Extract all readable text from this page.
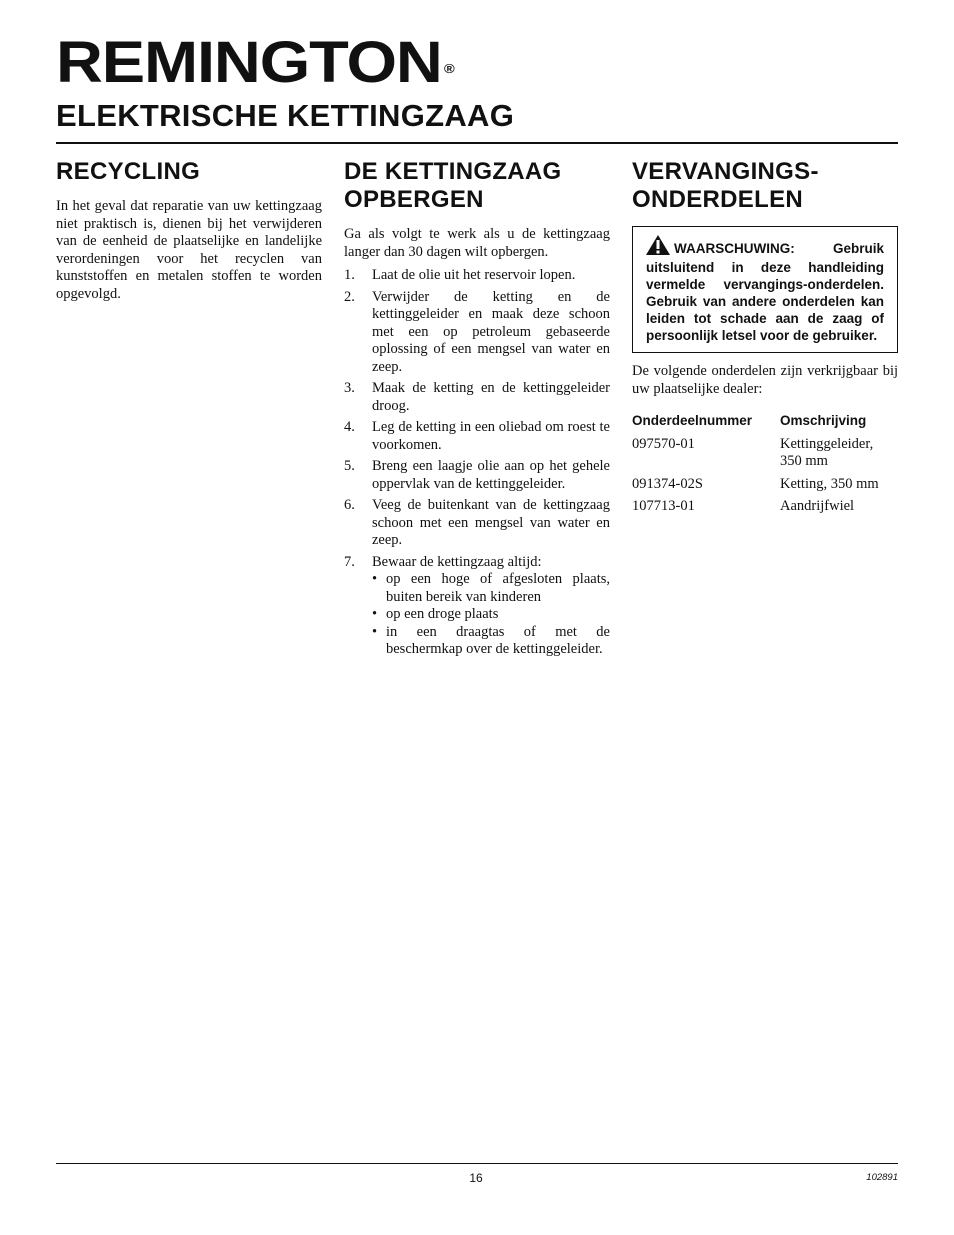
REMINGTON ®
ELEKTRISCHE KETTINGZAAG
RECYCLING

In het geval dat reparatie van uw kettingzaag niet praktisch is, dienen bij het verwijderen van de eenheid de plaatselijke en landelijke verordeningen voor het recyclen van kunststoffen en metalen stoffen te worden opgevolgd.

DE KETTINGZAAG OPBERGEN

Ga als volgt te werk als u de kettingzaag langer dan 30 dagen wilt opbergen.

1.	Laat de olie uit het reservoir lopen.
2.	Verwijder de ketting en de kettinggeleider en maak deze schoon met een op petroleum gebaseerde oplossing of een mengsel van water en zeep.
3.	Maak de ketting en de kettinggeleider droog.
4.	Leg de ketting in een oliebad om roest te voorkomen.
5.	Breng een laagje olie aan op het gehele oppervlak van de kettinggeleider.
6.	Veeg de buitenkant van de kettingzaag schoon met een mengsel van water en zeep.
7.	Bewaar de kettingzaag altijd:
• op een hoge of afgesloten plaats, buiten bereik van kinderen
• op een droge plaats
• in een draagtas of met de beschermkap over de kettinggeleider.
VERVANGINGS-
ONDERDELEN
WAARSCHUWING: Gebruik uitsluitend in deze handleiding vermelde vervangings-onderdelen. Gebruik van andere onderdelen kan leiden tot schade aan de zaag of persoonlijk letsel voor de gebruiker.

De volgende onderdelen zijn verkrijgbaar bij uw plaatselijke dealer:

Onderdeelnummer	Omschrijving
097570-01	Kettinggeleider, 350 mm
091374-02S	Ketting, 350 mm
107713-01	Aandrijfwiel
16	102891
